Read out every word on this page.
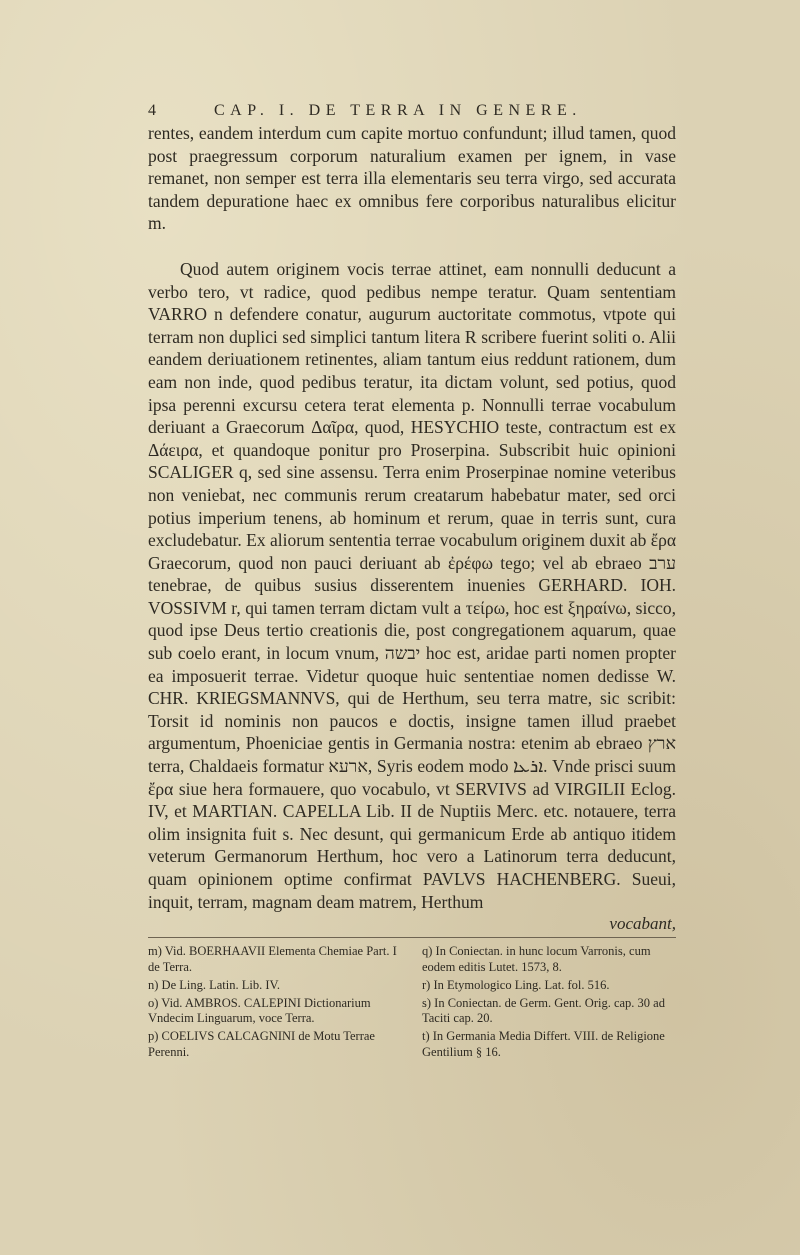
4	CAP. I. DE TERRA IN GENERE.

rentes, eandem interdum cum capite mortuo confundunt; illud tamen, quod post praegressum corporum naturalium examen per ignem, in vase remanet, non semper est terra illa elementaris seu terra virgo, sed accurata tandem depuratione haec ex omnibus fere corporibus naturalibus elicitur m.

Quod autem originem vocis terrae attinet, eam nonnulli deducunt a verbo tero, vt radice, quod pedibus nempe teratur. Quam sententiam VARRO n defendere conatur, augurum auctoritate commotus, vtpote qui terram non duplici sed simplici tantum litera R scribere fuerint soliti o. Alii eandem deriuationem retinentes, aliam tantum eius reddunt rationem, dum eam non inde, quod pedibus teratur, ita dictam volunt, sed potius, quod ipsa perenni excursu cetera terat elementa p. Nonnulli terrae vocabulum deriuant a Graecorum Δαῖρα, quod, HESYCHIO teste, contractum est ex Δάειρα, et quandoque ponitur pro Proserpina. Subscribit huic opinioni SCALIGER q, sed sine assensu. Terra enim Proserpinae nomine veteribus non veniebat, nec communis rerum creatarum habebatur mater, sed orci potius imperium tenens, ab hominum et rerum, quae in terris sunt, cura excludebatur. Ex aliorum sententia terrae vocabulum originem duxit ab ἔρα Graecorum, quod non pauci deriuant ab ἐρέφω tego; vel ab ebraeo ערב tenebrae, de quibus susius disserentem inuenies GERHARD. IOH. VOSSIVM r, qui tamen terram dictam vult a τείρω, hoc est ξηραίνω, sicco, quod ipse Deus tertio creationis die, post congregationem aquarum, quae sub coelo erant, in locum vnum, יבשה hoc est, aridae parti nomen propter ea imposuerit terrae. Videtur quoque huic sententiae nomen dedisse W. CHR. KRIEGSMANNVS, qui de Herthum, seu terra matre, sic scribit: Torsit id nominis non paucos e doctis, insigne tamen illud praebet argumentum, Phoeniciae gentis in Germania nostra: etenim ab ebraeo ארץ terra, Chaldaeis formatur ארעא, Syris eodem modo ܐܪܥܐ. Vnde prisci suum ἔρα siue hera formauere, quo vocabulo, vt SERVIVS ad VIRGILII Eclog. IV, et MARTIAN. CAPELLA Lib. II de Nuptiis Merc. etc. notauere, terra olim insignita fuit s. Nec desunt, qui germanicum Erde ab antiquo itidem veterum Germanorum Herthum, hoc vero a Latinorum terra deducunt, quam opinionem optime confirmat PAVLVS HACHENBERG. Sueui, inquit, terram, magnam deam matrem, Herthum

vocabant,

m) Vid. BOERHAAVII Elementa Chemiae Part. I de Terra.

n) De Ling. Latin. Lib. IV.

o) Vid. AMBROS. CALEPINI Dictionarium Vndecim Linguarum, voce Terra.

p) COELIVS CALCAGNINI de Motu Terrae Perenni.

q) In Coniectan. in hunc locum Varronis, cum eodem editis Lutet. 1573, 8.

r) In Etymologico Ling. Lat. fol. 516.

s) In Coniectan. de Germ. Gent. Orig. cap. 30 ad Taciti cap. 20.

t) In Germania Media Differt. VIII. de Religione Gentilium § 16.
